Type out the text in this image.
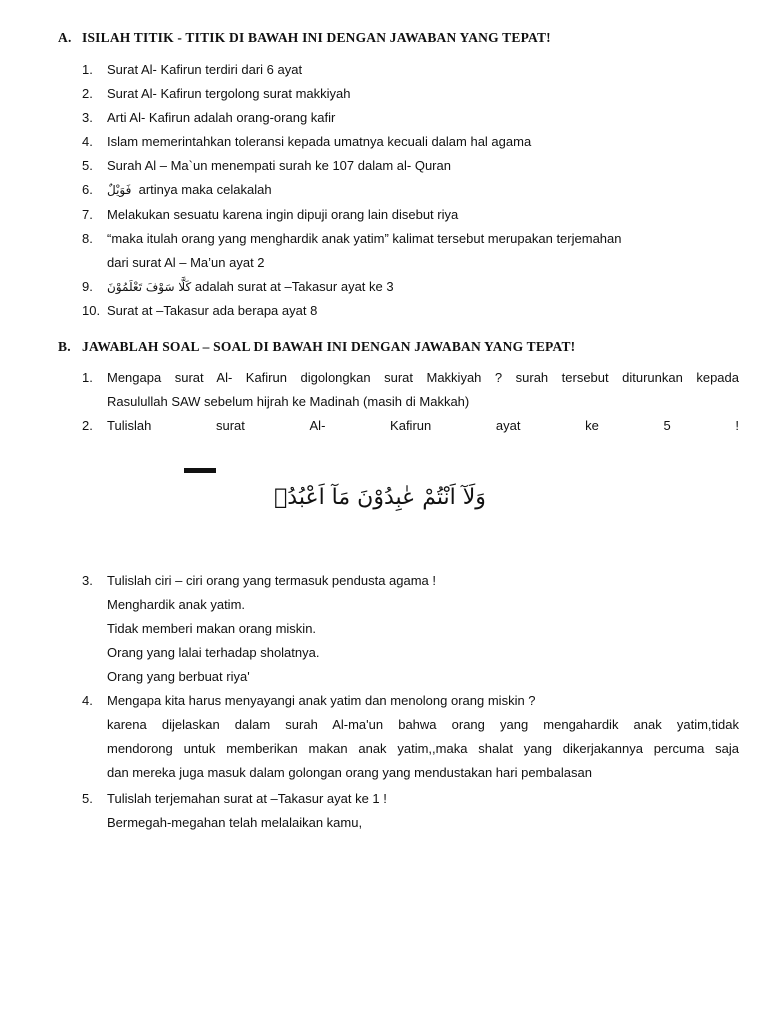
A. ISILAH TITIK - TITIK DI BAWAH INI DENGAN JAWABAN YANG TEPAT!
1. Surat Al- Kafirun terdiri dari 6 ayat
2. Surat Al- Kafirun tergolong surat makkiyah
3. Arti Al- Kafirun adalah orang-orang kafir
4. Islam memerintahkan toleransi kepada umatnya kecuali dalam hal agama
5. Surah Al – Ma`un menempati surah ke 107 dalam al- Quran
6. فَوَيْلٌ artinya maka celakalah
7. Melakukan sesuatu karena ingin dipuji orang lain disebut riya
8. “maka itulah orang yang menghardik anak yatim” kalimat tersebut merupakan terjemahan
dari surat Al – Ma’un ayat 2
9. كَلَّا سَوْفَ تَعْلَمُوْنَ adalah surat at –Takasur ayat ke 3
10. Surat at –Takasur ada berapa ayat 8
B. JAWABLAH SOAL – SOAL DI BAWAH INI DENGAN JAWABAN YANG TEPAT!
1. Mengapa surat Al- Kafirun digolongkan surat Makkiyah ? surah tersebut diturunkan kepada
Rasulullah SAW sebelum hijrah ke Madinah (masih di Makkah)
2. Tulislah	surat	Al-	Kafirun	ayat	ke	5	!
وَلَآ اَنْتُمْ عٰبِدُوْنَ مَآ اَعْبُدُۗ
3. Tulislah ciri – ciri orang yang termasuk pendusta agama !
Menghardik anak yatim.
Tidak memberi makan orang miskin.
Orang yang lalai terhadap sholatnya.
Orang yang berbuat riya'
4. Mengapa kita harus menyayangi anak yatim dan menolong orang miskin ?
karena dijelaskan dalam surah Al-ma'un bahwa orang yang mengahardik anak yatim,tidak
mendorong untuk memberikan makan anak yatim,,maka shalat yang dikerjakannya percuma saja
dan mereka juga masuk dalam golongan orang yang mendustakan hari pembalasan
5. Tulislah terjemahan surat at –Takasur ayat ke 1 !
Bermegah-megahan telah melalaikan kamu,
